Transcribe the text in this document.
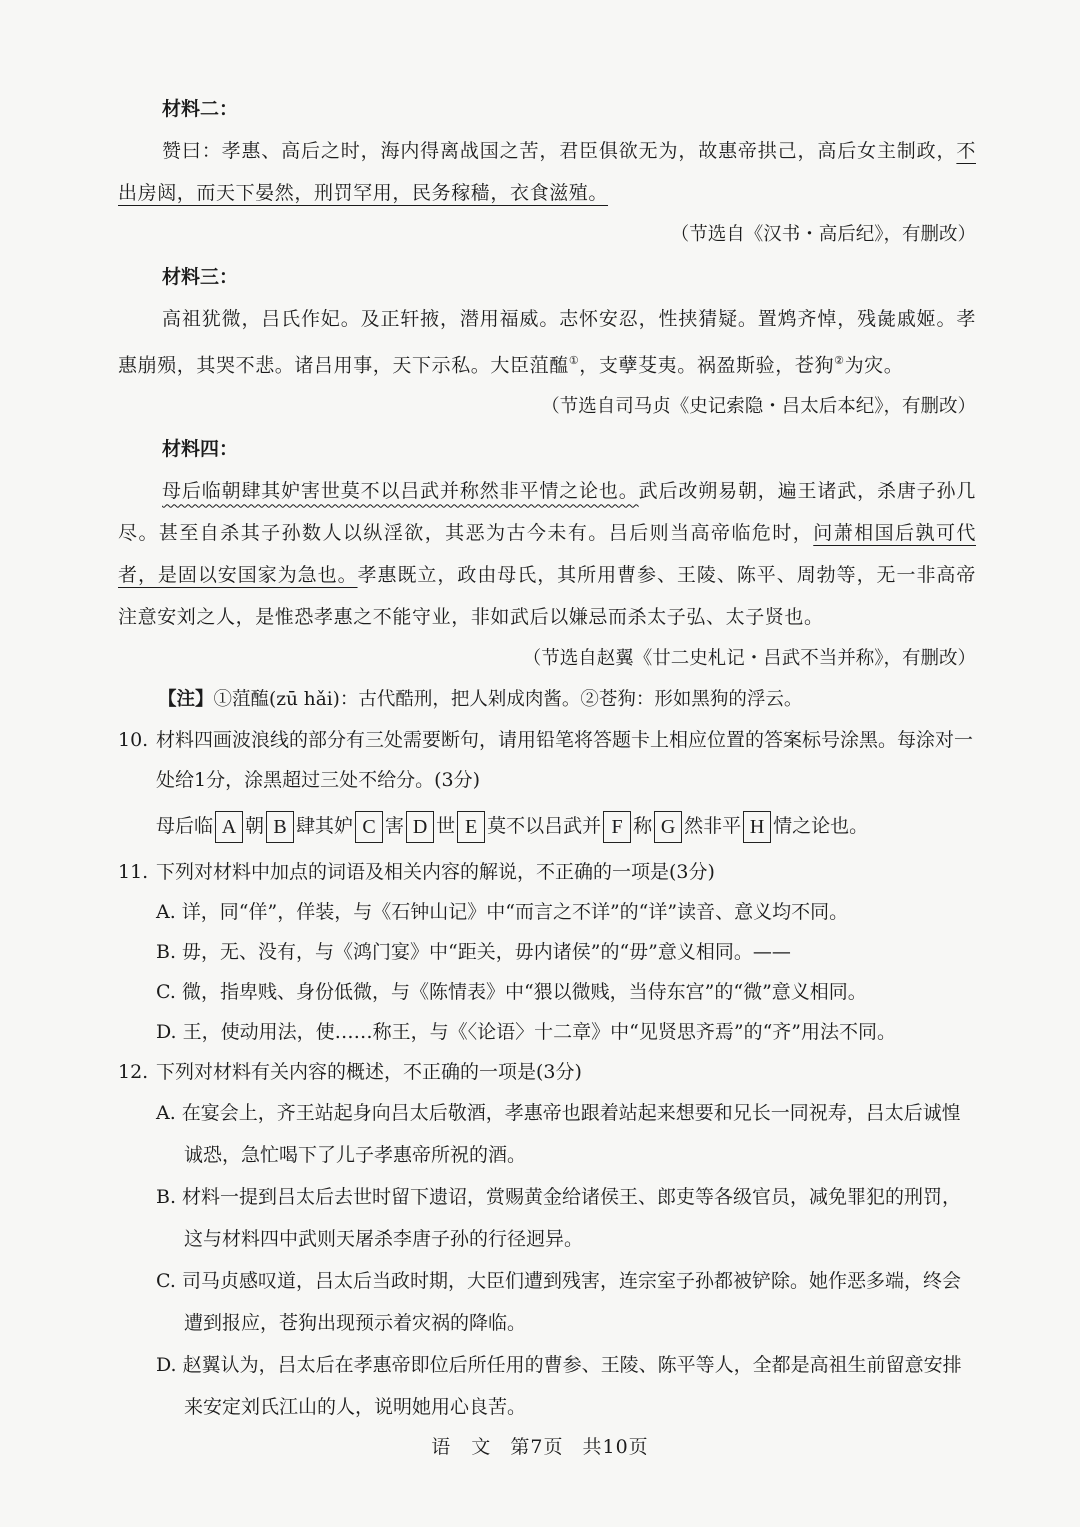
材料二：

赞曰：孝惠、高后之时，海内得离战国之苦，君臣俱欲无为，故惠帝拱己，高后女主制政，不出房闼，而天下晏然，刑罚罕用，民务稼穑，衣食滋殖。

（节选自《汉书・高后纪》，有删改）

材料三：

高祖犹微，吕氏作妃。及正轩掖，潜用福威。志怀安忍，性挟猜疑。置鸩齐悼，残彘戚姬。孝惠崩殒，其哭不悲。诸吕用事，天下示私。大臣菹醢①，支孽芟夷。祸盈斯验，苍狗②为灾。

（节选自司马贞《史记索隐・吕太后本纪》，有删改）

材料四：

母后临朝肆其妒害世莫不以吕武并称然非平情之论也。武后改朔易朝，遍王诸武，杀唐子孙几尽。甚至自杀其子孙数人以纵淫欲，其恶为古今未有。吕后则当高帝临危时，问萧相国后孰可代者，是固以安国家为急也。孝惠既立，政由母氏，其所用曹参、王陵、陈平、周勃等，无一非高帝注意安刘之人，是惟恐孝惠之不能守业，非如武后以嫌忌而杀太子弘、太子贤也。

（节选自赵翼《廿二史札记・吕武不当并称》，有删改）

【注】①菹醢(zū hǎi)：古代酷刑，把人剁成肉酱。②苍狗：形如黑狗的浮云。

10. 材料四画波浪线的部分有三处需要断句，请用铅笔将答题卡上相应位置的答案标号涂黑。每涂对一处给1分，涂黑超过三处不给分。(3分)

母后临 A 朝 B 肆其妒 C 害 D 世 E 莫不以吕武并 F 称 G 然非平 H 情之论也。

11. 下列对材料中加点的词语及相关内容的解说，不正确的一项是(3分)

A. 详，同“佯”，佯装，与《石钟山记》中“而言之不详”的“详”读音、意义均不同。

B. 毋，无、没有，与《鸿门宴》中“距关，毋内诸侯”的“毋”意义相同。——

C. 微，指卑贱、身份低微，与《陈情表》中“猥以微贱，当侍东宫”的“微”意义相同。

D. 王，使动用法，使……称王，与《〈论语〉十二章》中“见贤思齐焉”的“齐”用法不同。

12. 下列对材料有关内容的概述，不正确的一项是(3分)

A. 在宴会上，齐王站起身向吕太后敬酒，孝惠帝也跟着站起来想要和兄长一同祝寿，吕太后诚惶诚恐，急忙喝下了儿子孝惠帝所祝的酒。

B. 材料一提到吕太后去世时留下遗诏，赏赐黄金给诸侯王、郎吏等各级官员，减免罪犯的刑罚，这与材料四中武则天屠杀李唐子孙的行径迥异。

C. 司马贞感叹道，吕太后当政时期，大臣们遭到残害，连宗室子孙都被铲除。她作恶多端，终会遭到报应，苍狗出现预示着灾祸的降临。

D. 赵翼认为，吕太后在孝惠帝即位后所任用的曹参、王陵、陈平等人，全都是高祖生前留意安排来安定刘氏江山的人，说明她用心良苦。

语　文 第7页 共10页
